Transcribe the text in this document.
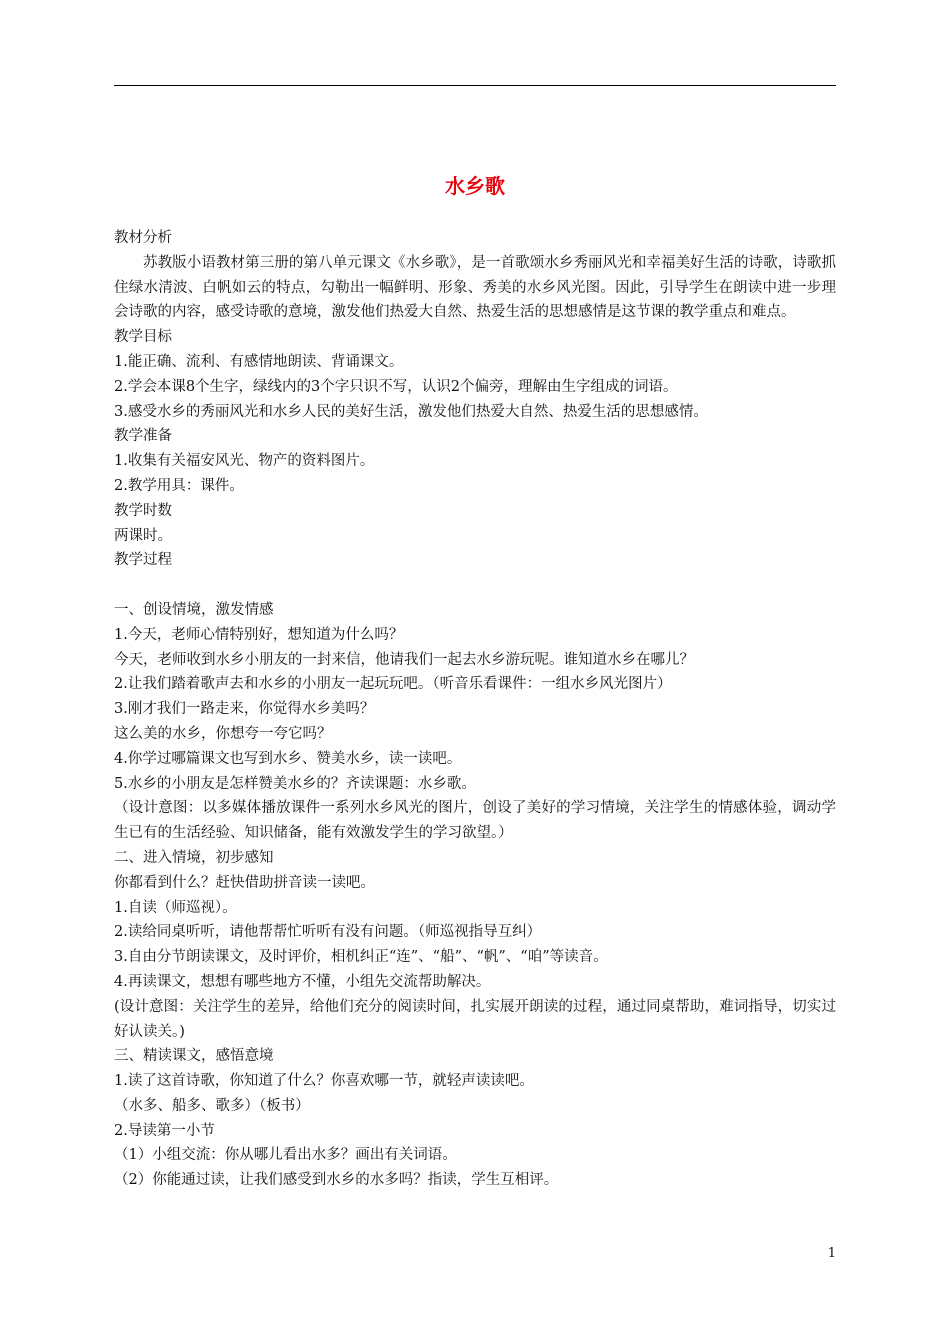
水乡歌

教材分析

苏教版小语教材第三册的第八单元课文《水乡歌》，是一首歌颂水乡秀丽风光和幸福美好生活的诗歌，诗歌抓住绿水清波、白帆如云的特点，勾勒出一幅鲜明、形象、秀美的水乡风光图。因此，引导学生在朗读中进一步理会诗歌的内容，感受诗歌的意境，激发他们热爱大自然、热爱生活的思想感情是这节课的教学重点和难点。

教学目标

1.能正确、流利、有感情地朗读、背诵课文。

2.学会本课8个生字，绿线内的3个字只识不写，认识2个偏旁，理解由生字组成的词语。

3.感受水乡的秀丽风光和水乡人民的美好生活，激发他们热爱大自然、热爱生活的思想感情。

教学准备

1.收集有关福安风光、物产的资料图片。

2.教学用具：课件。

教学时数

两课时。

教学过程

一、创设情境，激发情感

1.今天，老师心情特别好，想知道为什么吗？

今天，老师收到水乡小朋友的一封来信，他请我们一起去水乡游玩呢。谁知道水乡在哪儿？

2.让我们踏着歌声去和水乡的小朋友一起玩玩吧。（听音乐看课件：一组水乡风光图片）

3.刚才我们一路走来，你觉得水乡美吗？

这么美的水乡，你想夸一夸它吗？

4.你学过哪篇课文也写到水乡、赞美水乡，读一读吧。

5.水乡的小朋友是怎样赞美水乡的？齐读课题：水乡歌。

（设计意图：以多媒体播放课件一系列水乡风光的图片，创设了美好的学习情境，关注学生的情感体验，调动学生已有的生活经验、知识储备，能有效激发学生的学习欲望。）

二、进入情境，初步感知

你都看到什么？赶快借助拼音读一读吧。

1.自读（师巡视）。

2.读给同桌听听，请他帮帮忙听听有没有问题。（师巡视指导互纠）

3.自由分节朗读课文，及时评价，相机纠正“连”、“船”、“帆”、“咱”等读音。

4.再读课文，想想有哪些地方不懂，小组先交流帮助解决。

(设计意图：关注学生的差异，给他们充分的阅读时间，扎实展开朗读的过程，通过同桌帮助，难词指导，切实过好认读关。)

三、精读课文，感悟意境

1.读了这首诗歌，你知道了什么？你喜欢哪一节，就轻声读读吧。

（水多、船多、歌多）（板书）

2.导读第一小节

（1）小组交流：你从哪儿看出水多？画出有关词语。

（2）你能通过读，让我们感受到水乡的水多吗？指读，学生互相评。

1
